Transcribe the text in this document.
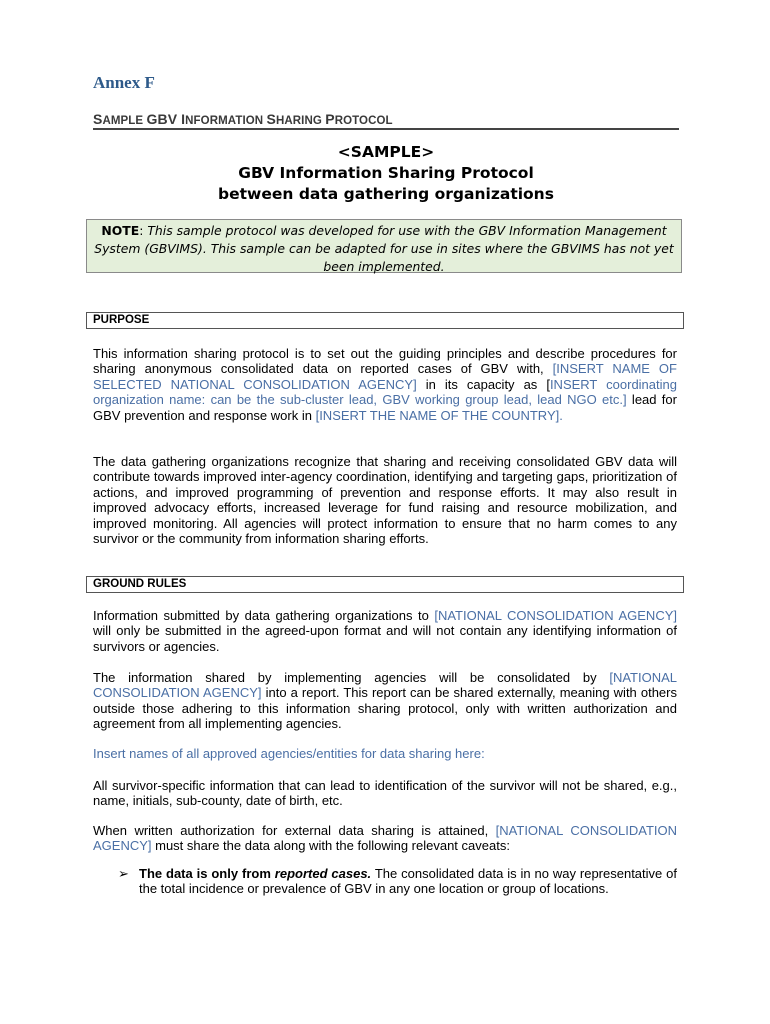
Annex F
SAMPLE GBV INFORMATION SHARING PROTOCOL
<SAMPLE>
GBV Information Sharing Protocol
between data gathering organizations
NOTE: This sample protocol was developed for use with the GBV Information Management System (GBVIMS). This sample can be adapted for use in sites where the GBVIMS has not yet been implemented.
PURPOSE
This information sharing protocol is to set out the guiding principles and describe procedures for sharing anonymous consolidated data on reported cases of GBV with, [INSERT NAME OF SELECTED NATIONAL CONSOLIDATION AGENCY] in its capacity as [INSERT coordinating organization name: can be the sub-cluster lead, GBV working group lead, lead NGO etc.] lead for GBV prevention and response work in [INSERT THE NAME OF THE COUNTRY].
The data gathering organizations recognize that sharing and receiving consolidated GBV data will contribute towards improved inter-agency coordination, identifying and targeting gaps, prioritization of actions, and improved programming of prevention and response efforts. It may also result in improved advocacy efforts, increased leverage for fund raising and resource mobilization, and improved monitoring. All agencies will protect information to ensure that no harm comes to any survivor or the community from information sharing efforts.
GROUND RULES
Information submitted by data gathering organizations to [NATIONAL CONSOLIDATION AGENCY] will only be submitted in the agreed-upon format and will not contain any identifying information of survivors or agencies.
The information shared by implementing agencies will be consolidated by [NATIONAL CONSOLIDATION AGENCY] into a report. This report can be shared externally, meaning with others outside those adhering to this information sharing protocol, only with written authorization and agreement from all implementing agencies.
Insert names of all approved agencies/entities for data sharing here:
All survivor-specific information that can lead to identification of the survivor will not be shared, e.g., name, initials, sub-county, date of birth, etc.
When written authorization for external data sharing is attained, [NATIONAL CONSOLIDATION AGENCY] must share the data along with the following relevant caveats:
➢ The data is only from reported cases. The consolidated data is in no way representative of the total incidence or prevalence of GBV in any one location or group of locations.
